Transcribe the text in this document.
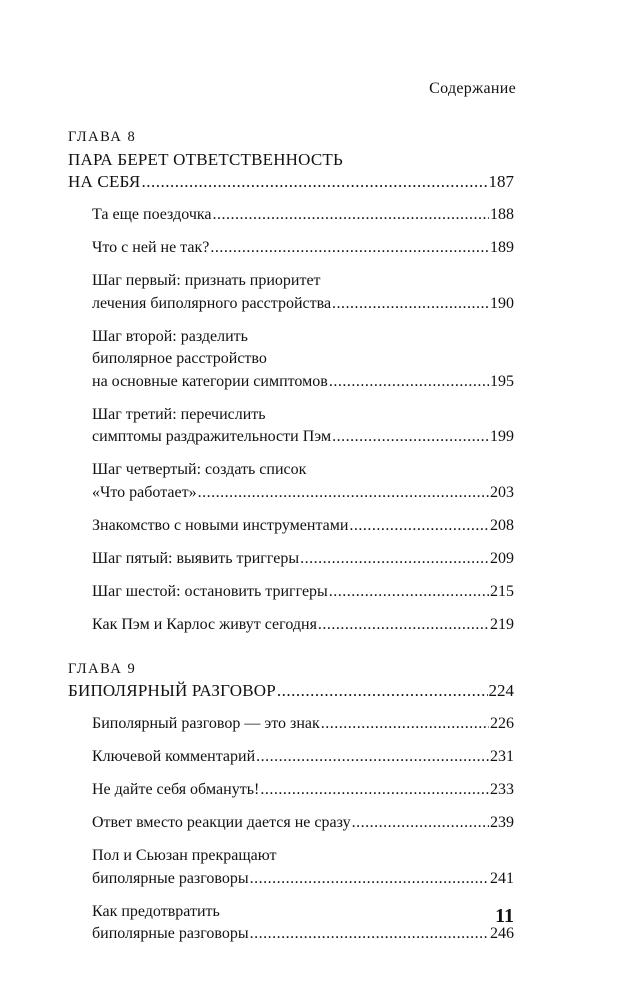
Содержание
ГЛАВА 8
ПАРА БЕРЕТ ОТВЕТСТВЕННОСТЬ
НА СЕБЯ .....	187
Та еще поездочка .....	188
Что с ней не так? .....	189
Шаг первый: признать приоритет
лечения биполярного расстройства .....	190
Шаг второй: разделить
биполярное расстройство
на основные категории симптомов .....	195
Шаг третий: перечислить
симптомы раздражительности Пэм .....	199
Шаг четвертый: создать список
«Что работает» .....	203
Знакомство с новыми инструментами .....	208
Шаг пятый: выявить триггеры .....	209
Шаг шестой: остановить триггеры .....	215
Как Пэм и Карлос живут сегодня .....	219
ГЛАВА 9
БИПОЛЯРНЫЙ РАЗГОВОР .....	224
Биполярный разговор — это знак .....	226
Ключевой комментарий .....	231
Не дайте себя обмануть! .....	233
Ответ вместо реакции дается не сразу .....	239
Пол и Сьюзан прекращают
биполярные разговоры .....	241
Как предотвратить
биполярные разговоры .....	246
11
